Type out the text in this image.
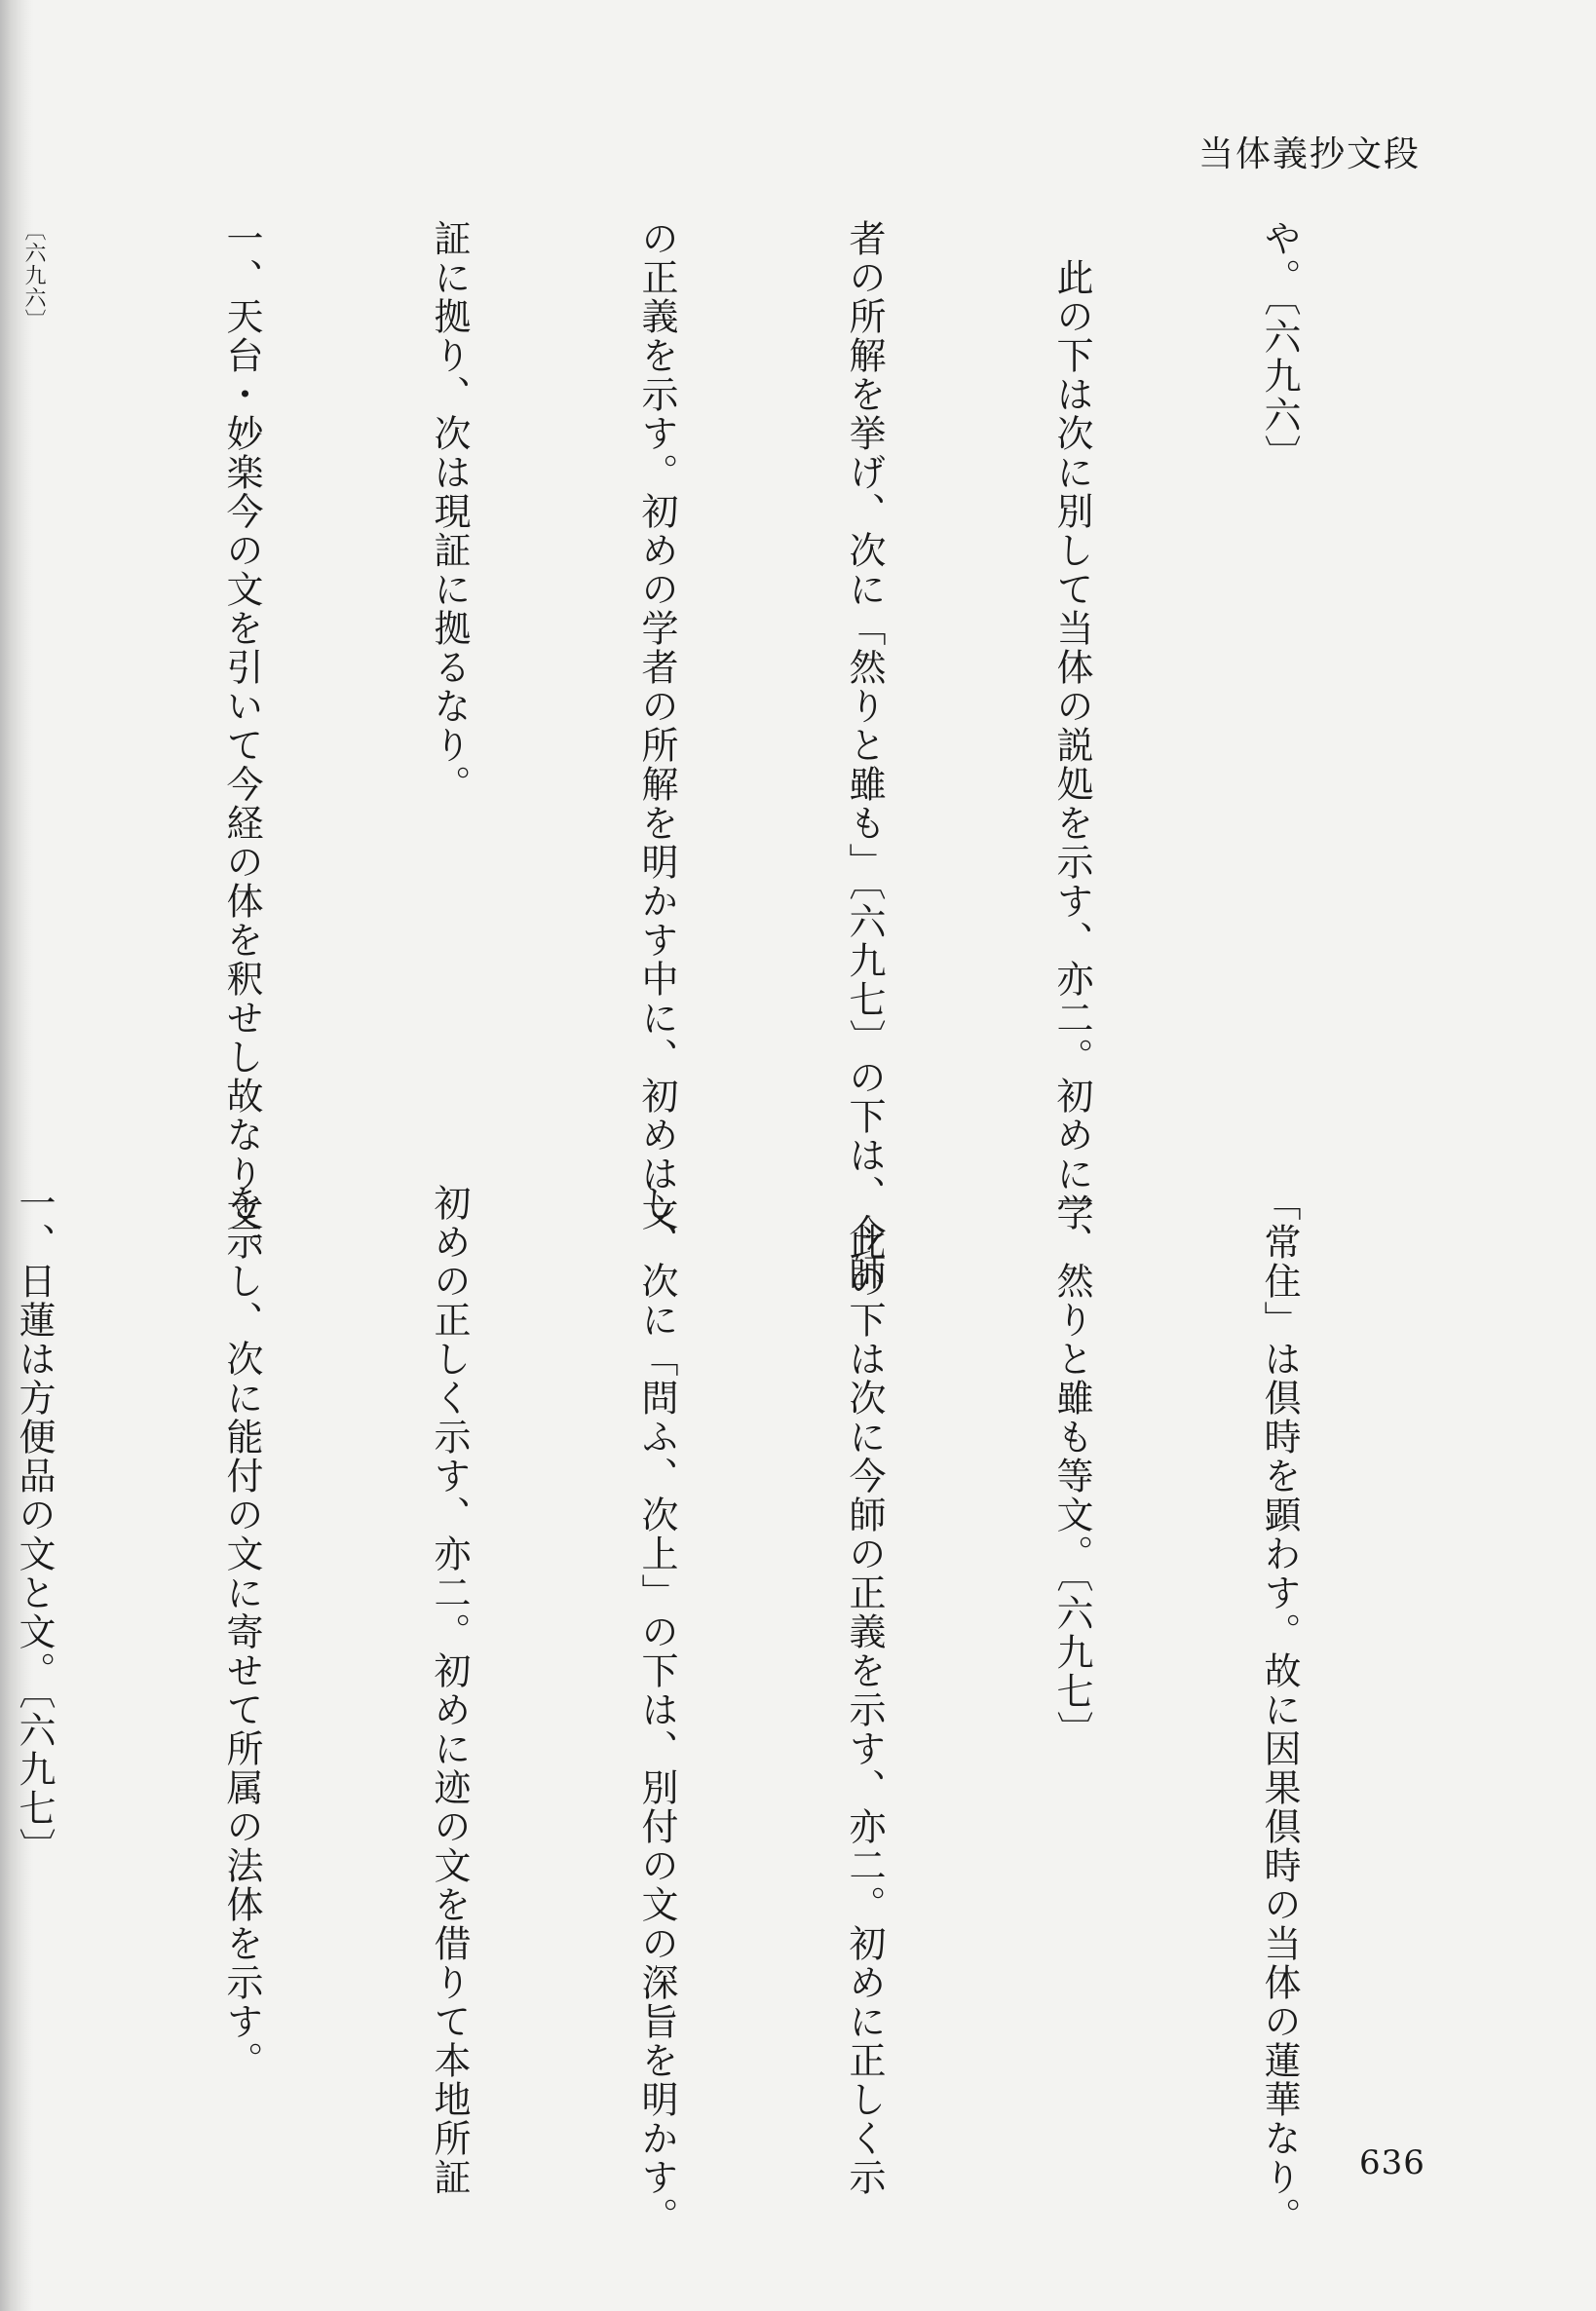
当体義抄文段

や。〔六九六〕

　此の下は次に別して当体の説処を示す、亦二。初めに学

者の所解を挙げ、次に「然りと雖も」〔六九七〕の下は、今師

の正義を示す。初めの学者の所解を明かす中に、初めは文

証に拠り、次は現証に拠るなり。

一、天台・妙楽今の文を引いて今経の体を釈せし故なり文。

〔六九六〕

「常住」は倶時を顕わす。故に因果倶時の当体の蓮華なり。

一、然りと雖も等文。〔六九七〕

　此の下は次に今師の正義を示す、亦二。初めに正しく示

し、次に「問ふ、次上」の下は、別付の文の深旨を明かす。

初めの正しく示す、亦二。初めに迹の文を借りて本地所証

を示し、次に能付の文に寄せて所属の法体を示す。

一、日蓮は方便品の文と文。〔六九七〕

636
